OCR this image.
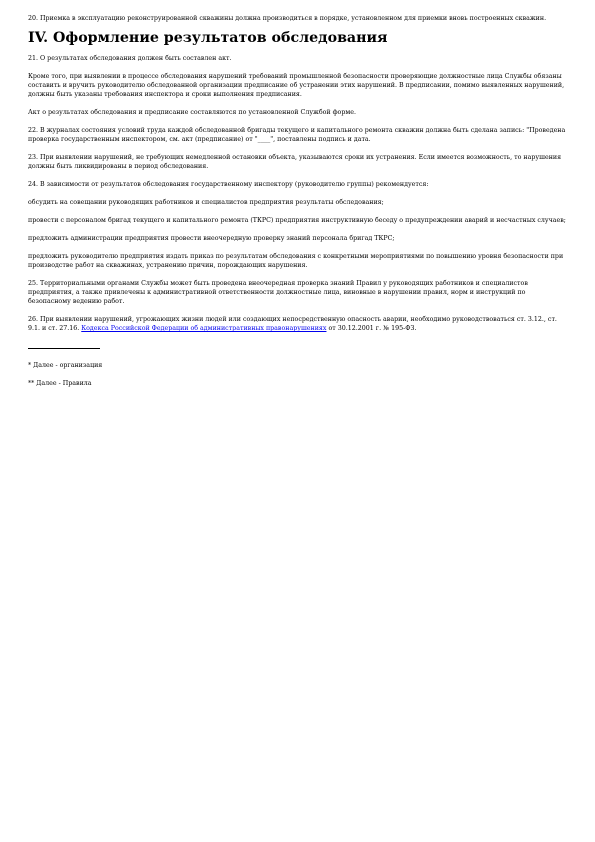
20. Приемка в эксплуатацию реконструированной скважины должна производиться в порядке, установленном для приемки вновь построенных скважин.

IV. Оформление результатов обследования

21. О результатах обследования должен быть составлен акт.

Кроме того, при выявлении в процессе обследования нарушений требований промышленной безопасности проверяющие должностные лица Службы обязаны составить и вручить руководителю обследованной организации предписание об устранении этих нарушений. В предписании, помимо выявленных нарушений, должны быть указаны требования инспектора и сроки выполнения предписания.

Акт о результатах обследования и предписание составляются по установленной Службой форме.

22. В журналах состояния условий труда каждой обследованной бригады текущего и капитального ремонта скважин должна быть сделана запись: "Проведена проверка государственным инспектором, см. акт (предписание) от "____", поставлены подпись и дата.

23. При выявлении нарушений, не требующих немедленной остановки объекта, указываются сроки их устранения. Если имеется возможность, то нарушения должны быть ликвидированы в период обследования.

24. В зависимости от результатов обследования государственному инспектору (руководителю группы) рекомендуется:

обсудить на совещании руководящих работников и специалистов предприятия результаты обследования;

провести с персоналом бригад текущего и капитального ремонта (ТКРС) предприятия инструктивную беседу о предупреждении аварий и несчастных случаев;

предложить администрации предприятия провести внеочередную проверку знаний персонала бригад ТКРС;

предложить руководителю предприятия издать приказ по результатам обследования с конкретными мероприятиями по повышению уровня безопасности при производстве работ на скважинах, устранению причин, порождающих нарушения.

25. Территориальными органами Службы может быть проведена внеочередная проверка знаний Правил у руководящих работников и специалистов предприятия, а также привлечены к административной ответственности должностные лица, виновные в нарушении правил, норм и инструкций по безопасному ведению работ.

26. При выявлении нарушений, угрожающих жизни людей или создающих непосредственную опасность аварии, необходимо руководствоваться ст. 3.12., ст. 9.1. и ст. 27.16. Кодекса Российской Федерации об административных правонарушениях от 30.12.2001 г. № 195-ФЗ.

* Далее - организация

** Далее - Правила
